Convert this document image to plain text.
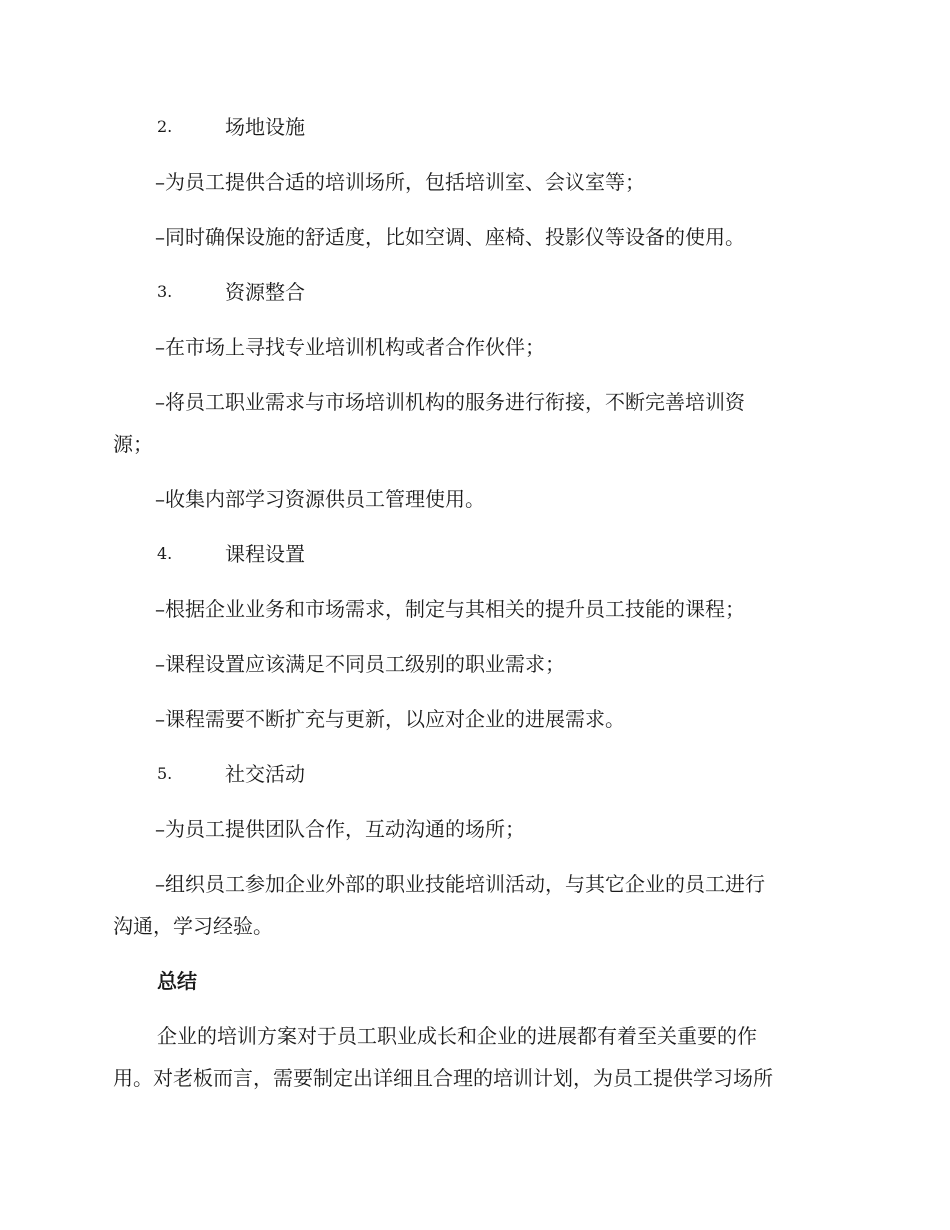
2.	场地设施
–为员工提供合适的培训场所，包括培训室、会议室等；
–同时确保设施的舒适度，比如空调、座椅、投影仪等设备的使用。
3.	资源整合
–在市场上寻找专业培训机构或者合作伙伴；
–将员工职业需求与市场培训机构的服务进行衔接，不断完善培训资
源；
–收集内部学习资源供员工管理使用。
4.	课程设置
–根据企业业务和市场需求，制定与其相关的提升员工技能的课程；
–课程设置应该满足不同员工级别的职业需求；
–课程需要不断扩充与更新，以应对企业的进展需求。
5.	社交活动
–为员工提供团队合作，互动沟通的场所；
–组织员工参加企业外部的职业技能培训活动，与其它企业的员工进行
沟通，学习经验。
总结
企业的培训方案对于员工职业成长和企业的进展都有着至关重要的作
用。对老板而言，需要制定出详细且合理的培训计划，为员工提供学习场所
